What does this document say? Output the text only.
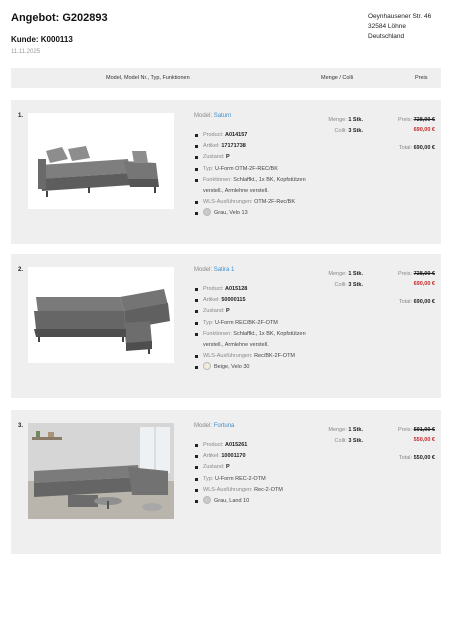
Angebot: G202893
Kunde: K000113
11.11.2025
Oeynhausener Str. 46
32584 Löhne
Deutschland
Model, Model Nr., Typ, Funktionen	Menge / Colli	Preis
1.	Model: Saturn
Product: A014157
Artikel: 17171738
Zustand: P
Typ: U-Form OTM-2F-REC/BK
Funktionen: Schlaffkt., 1x BK, Kopfstützen verstell., Armlehne verstell.
WLS-Ausführungen: OTM-2F-Rec/BK
Grau, Velo 13
Menge: 1 Stk.
Colli: 3 Stk.
Preis: 728,00 €
690,00 €
Total: 690,00 €
2.	Model: Satira 1
Product: A015128
Artikel: 50000115
Zustand: P
Typ: U-Form REC/BK-2F-OTM
Funktionen: Schlaffkt., 1x BK, Kopfstützen verstell., Armlehne verstell.
WLS-Ausführungen: Rec/BK-2F-OTM
Beige, Velo 30
Menge: 1 Stk.
Colli: 3 Stk.
Preis: 728,00 €
690,00 €
Total: 690,00 €
3.	Model: Fortuna
Product: A015261
Artikel: 10001170
Zustand: P
Typ: U-Form REC-2-OTM
WLS-Ausführungen: Rec-2-OTM
Grau, Land 10
Menge: 1 Stk.
Colli: 3 Stk.
Preis: 591,00 €
550,00 €
Total: 550,00 €
